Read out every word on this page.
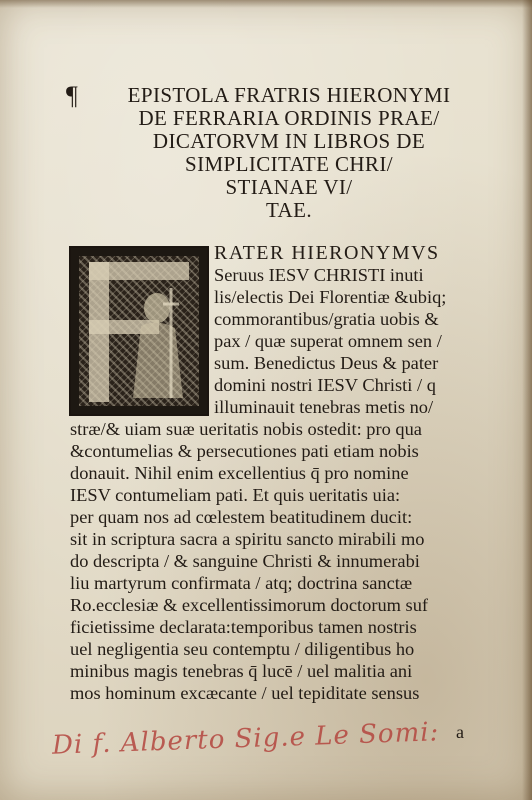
¶	EPISTOLA FRATRIS HIERONYMI
DE FERRARIA ORDINIS PRAE/
DICATORVM IN LIBROS DE
SIMPLICITATE CHRI/
STIANAE VI/
TAE.
RATER HIERONYMVS
Seruus IESV CHRISTI inuti
lis/electis Dei Florentiæ &ubiq;
commorantibus/gratia uobis &
pax / quæ superat omnem sen /
sum. Benedictus Deus & pater
domini nostri IESV Christi / q
illuminauit tenebras metis no/
stræ/& uiam suæ ueritatis nobis ostedit: pro qua
&contumelias & persecutiones pati etiam nobis
donauit. Nihil enim excellentius q̄ pro nomine
IESV contumeliam pati. Et quis ueritatis uia:
per quam nos ad cœlestem beatitudinem ducit:
sit in scriptura sacra a spiritu sancto mirabili mo
do descripta / & sanguine Christi & innumerabi
liu martyrum confirmata / atq; doctrina sanctæ
Ro.ecclesiæ & excellentissimorum doctorum suf
ficietissime declarata:temporibus tamen nostris
uel negligentia seu contemptu / diligentibus ho
minibus magis tenebras q̄ lucē / uel malitia ani
mos hominum excæcante / uel tepiditate sensus
Di f. Alberto Sig.e Le Somi: a
